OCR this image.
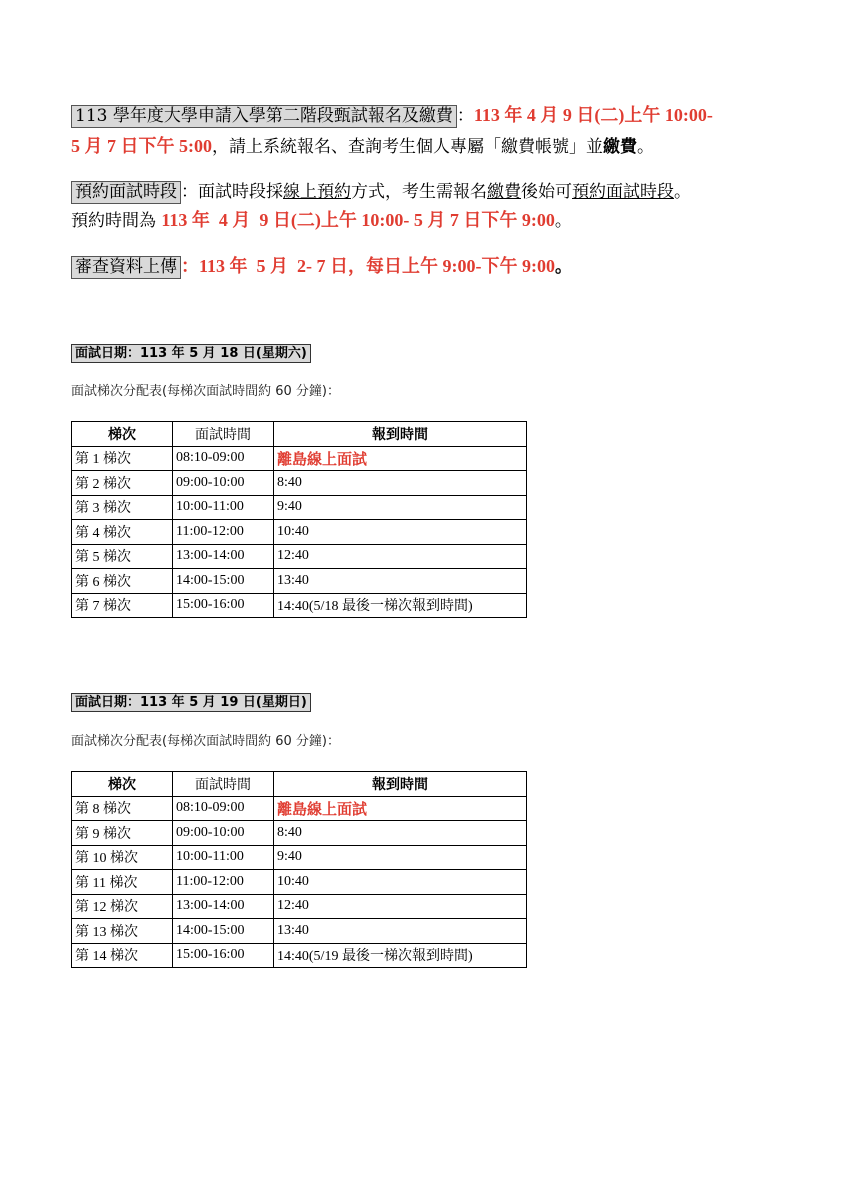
113 學年度大學申請入學第二階段甄試報名及繳費 ：113 年 4 月 9 日(二)上午 10:00-
5 月 7 日下午 5:00，請上系統報名、查詢考生個人專屬「繳費帳號」並繳費。
預約面試時段 ：面試時段採線上預約方式，考生需報名繳費後始可預約面試時段。
預約時間為 113 年  4 月  9 日(二)上午 10:00- 5 月 7 日下午 9:00。
審查資料上傳 ：113 年  5 月  2- 7 日，每日上午 9:00-下午 9:00。
面試日期：113 年 5 月 18 日(星期六)
面試梯次分配表(每梯次面試時間約 60 分鐘)：
梯次	面試時間	報到時間
第 1 梯次	08:10-09:00	離島線上面試
第 2 梯次	09:00-10:00	8:40
第 3 梯次	10:00-11:00	9:40
第 4 梯次	11:00-12:00	10:40
第 5 梯次	13:00-14:00	12:40
第 6 梯次	14:00-15:00	13:40
第 7 梯次	15:00-16:00	14:40(5/18 最後一梯次報到時間)
面試日期：113 年 5 月 19 日(星期日)
面試梯次分配表(每梯次面試時間約 60 分鐘)：
梯次	面試時間	報到時間
第 8 梯次	08:10-09:00	離島線上面試
第 9 梯次	09:00-10:00	8:40
第 10 梯次	10:00-11:00	9:40
第 11 梯次	11:00-12:00	10:40
第 12 梯次	13:00-14:00	12:40
第 13 梯次	14:00-15:00	13:40
第 14 梯次	15:00-16:00	14:40(5/19 最後一梯次報到時間)
